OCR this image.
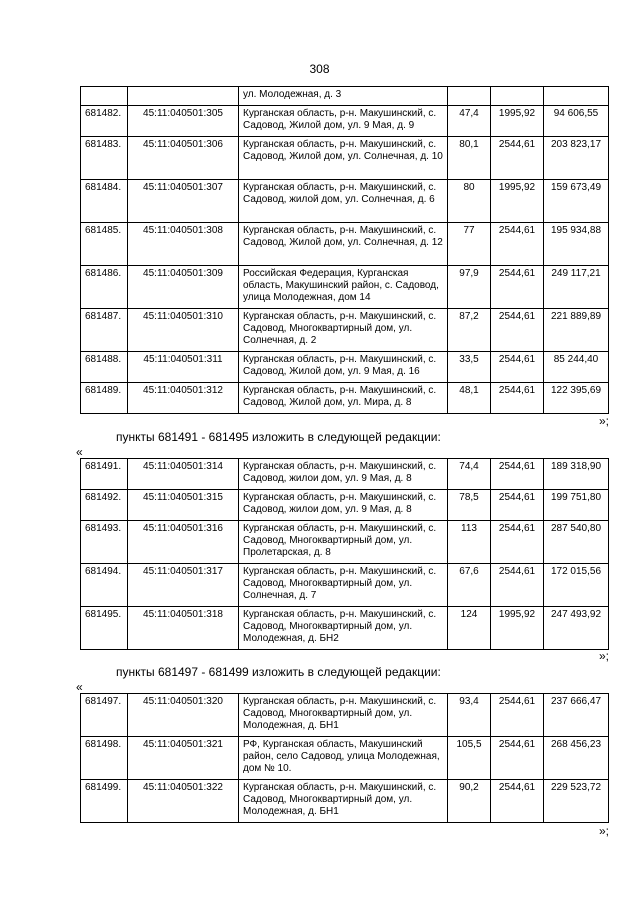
308
		ул. Молодежная, д. 3			
681482.	45:11:040501:305	Курганская область, р-н. Макушинский, с. Садовод, Жилой дом, ул. 9 Мая, д. 9	47,4	1995,92	94 606,55
681483.	45:11:040501:306	Курганская область, р-н. Макушинский, с. Садовод, Жилой дом, ул. Солнечная, д. 10	80,1	2544,61	203 823,17
681484.	45:11:040501:307	Курганская область, р-н. Макушинский, с. Садовод, жилой дом, ул. Солнечная, д. 6	80	1995,92	159 673,49
681485.	45:11:040501:308	Курганская область, р-н. Макушинский, с. Садовод, Жилой дом, ул. Солнечная, д. 12	77	2544,61	195 934,88
681486.	45:11:040501:309	Российская Федерация, Курганская область, Макушинский район, с. Садовод, улица Молодежная, дом 14	97,9	2544,61	249 117,21
681487.	45:11:040501:310	Курганская область, р-н. Макушинский, с. Садовод, Многоквартирный дом, ул. Солнечная, д. 2	87,2	2544,61	221 889,89
681488.	45:11:040501:311	Курганская область, р-н. Макушинский, с. Садовод, Жилой дом, ул. 9 Мая, д. 16	33,5	2544,61	85 244,40
681489.	45:11:040501:312	Курганская область, р-н. Макушинский, с. Садовод, Жилой дом, ул. Мира, д. 8	48,1	2544,61	122 395,69
»;
пункты 681491 - 681495 изложить в следующей редакции:
«
681491.	45:11:040501:314	Курганская область, р-н. Макушинский, с. Садовод, жилои дом, ул. 9 Мая, д. 8	74,4	2544,61	189 318,90
681492.	45:11:040501:315	Курганская область, р-н. Макушинский, с. Садовод, жилои дом, ул. 9 Мая, д. 8	78,5	2544,61	199 751,80
681493.	45:11:040501:316	Курганская область, р-н. Макушинский, с. Садовод, Многоквартирный дом, ул. Пролетарская, д. 8	113	2544,61	287 540,80
681494.	45:11:040501:317	Курганская область, р-н. Макушинский, с. Садовод, Многоквартирный дом, ул. Солнечная, д. 7	67,6	2544,61	172 015,56
681495.	45:11:040501:318	Курганская область, р-н. Макушинский, с. Садовод, Многоквартирный дом, ул. Молодежная, д. БН2	124	1995,92	247 493,92
»;
пункты 681497 - 681499 изложить в следующей редакции:
«
681497.	45:11:040501:320	Курганская область, р-н. Макушинский, с. Садовод, Многоквартирный дом, ул. Молодежная, д. БН1	93,4	2544,61	237 666,47
681498.	45:11:040501:321	РФ, Курганская область, Макушинский район, село Садовод, улица Молодежная, дом № 10.	105,5	2544,61	268 456,23
681499.	45:11:040501:322	Курганская область, р-н. Макушинский, с. Садовод, Многоквартирный дом, ул. Молодежная, д. БН1	90,2	2544,61	229 523,72
»;
